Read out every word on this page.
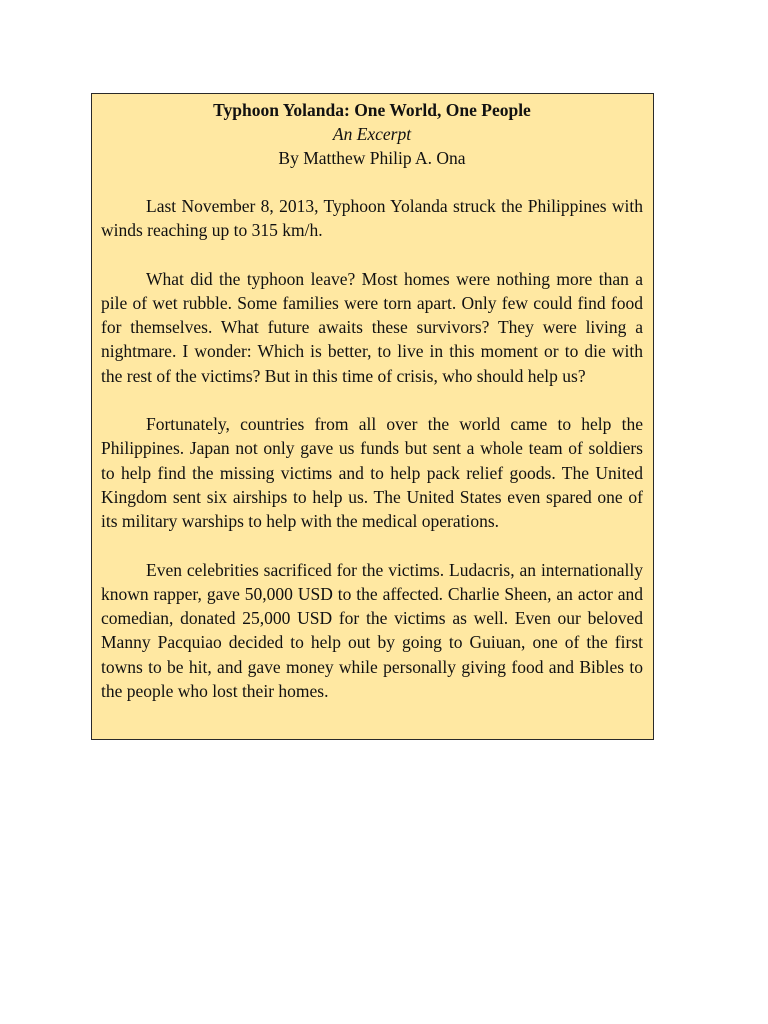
Typhoon Yolanda: One World, One People

An Excerpt

By Matthew Philip A. Ona

Last November 8, 2013, Typhoon Yolanda struck the Philippines with winds reaching up to 315 km/h.

What did the typhoon leave? Most homes were nothing more than a pile of wet rubble. Some families were torn apart. Only few could find food for themselves. What future awaits these survivors? They were living a nightmare. I wonder: Which is better, to live in this moment or to die with the rest of the victims? But in this time of crisis, who should help us?

Fortunately, countries from all over the world came to help the Philippines. Japan not only gave us funds but sent a whole team of soldiers to help find the missing victims and to help pack relief goods. The United Kingdom sent six airships to help us. The United States even spared one of its military warships to help with the medical operations.

Even celebrities sacrificed for the victims. Ludacris, an internationally known rapper, gave 50,000 USD to the affected. Charlie Sheen, an actor and comedian, donated 25,000 USD for the victims as well. Even our beloved Manny Pacquiao decided to help out by going to Guiuan, one of the first towns to be hit, and gave money while personally giving food and Bibles to the people who lost their homes.
